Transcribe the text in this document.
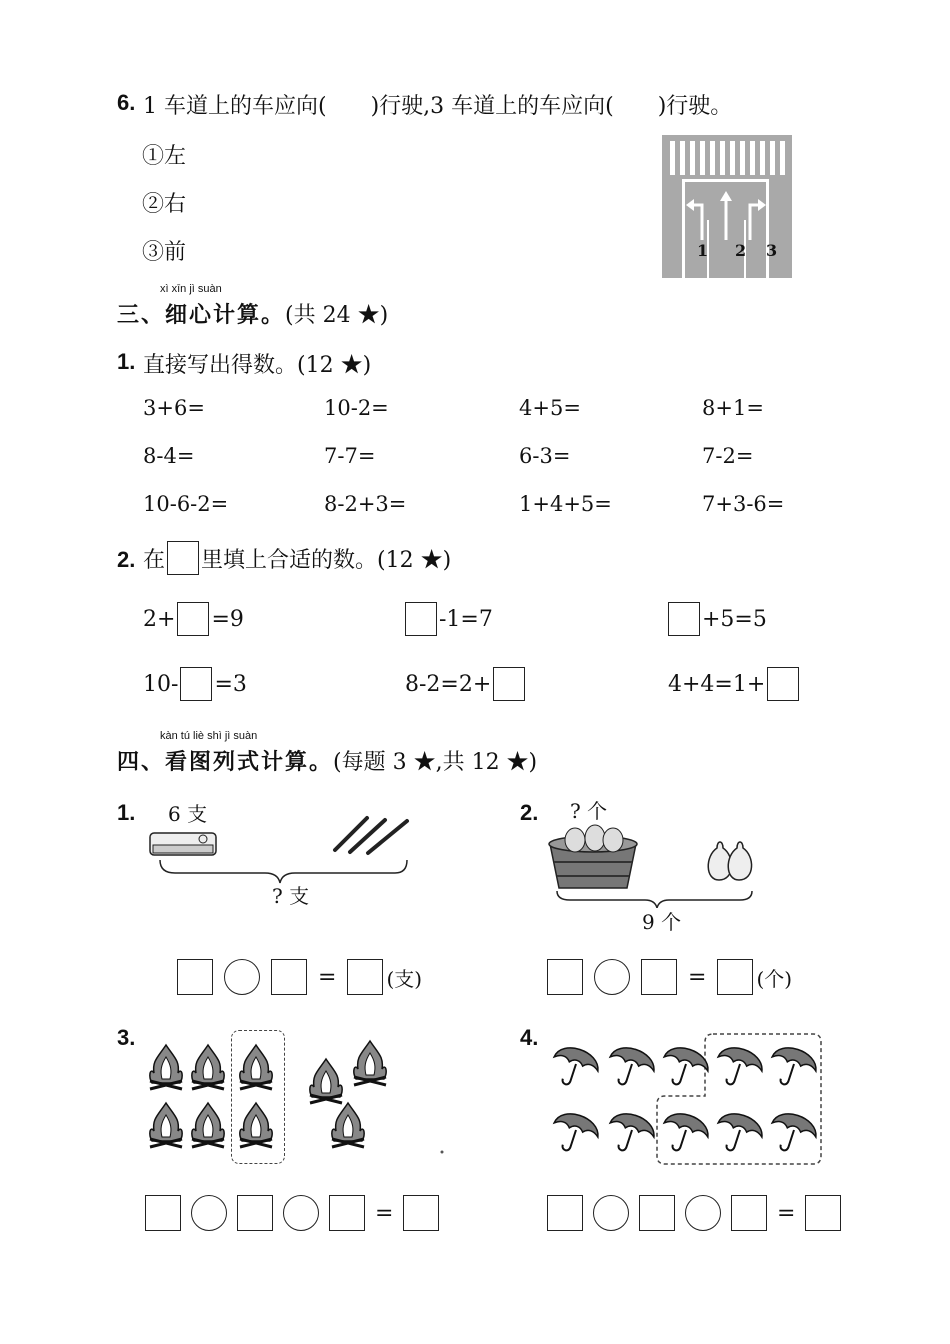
6. 1 车道上的车应向(　　)行驶,3 车道上的车应向(　　)行驶。
①左
②右
③前	1 2 3
xì xīn jì suàn
三、细心计算。(共 24 ★)
1. 直接写出得数。(12 ★)
3+6=	10-2=	4+5=	8+1=
8-4=	7-7=	6-3=	7-2=
10-6-2=	8-2+3=	1+4+5=	7+3-6=
2. 在 里填上合适的数。(12 ★)
2+ =9	-1=7	+5=5
10- =3	8-2=2+	4+4=1+
kàn tú liè shì jì suàn
四、看图列式计算。(每题 3 ★,共 12 ★)
1. 6 支
? 支
=	(支)
2. ? 个
9 个
=	(个)
3.
=
4.
=
